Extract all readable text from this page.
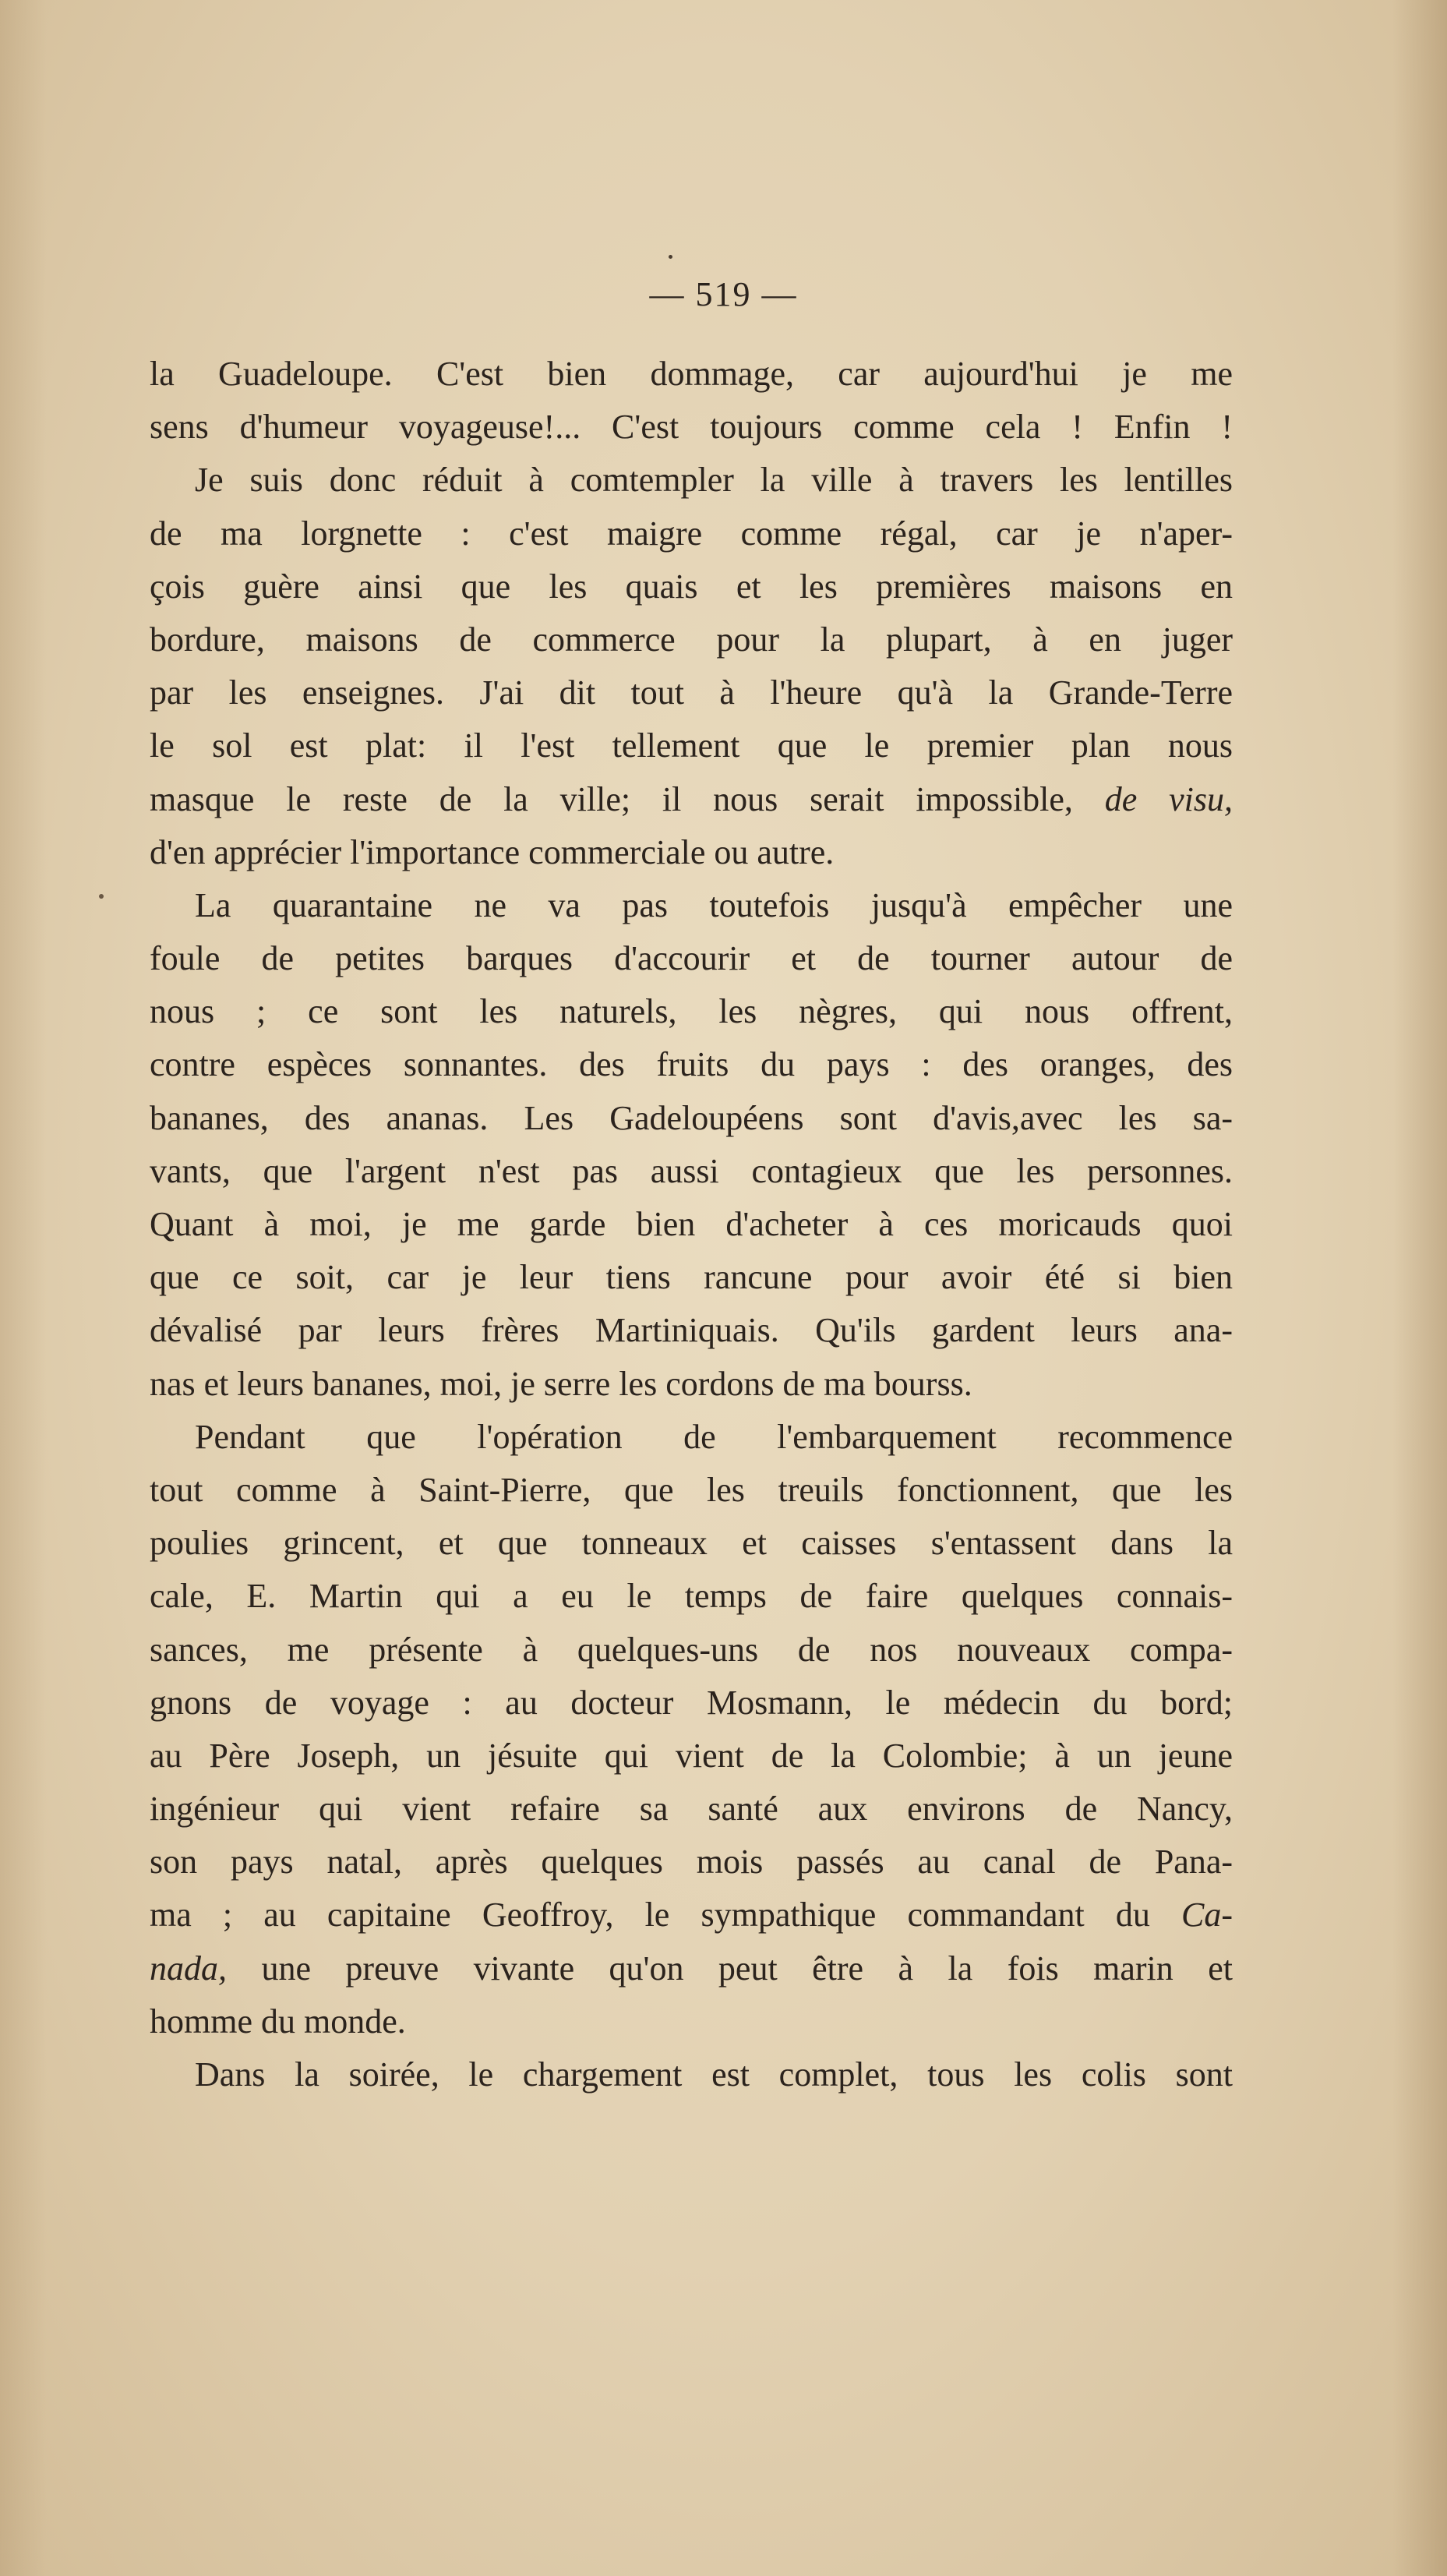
— 519 —
la Guadeloupe. C'est bien dommage, car aujourd'hui je me
sens d'humeur voyageuse!... C'est toujours comme cela ! Enfin !
Je suis donc réduit à comtempler la ville à travers les lentilles
de ma lorgnette : c'est maigre comme régal, car je n'aper-
çois guère ainsi que les quais et les premières maisons en
bordure, maisons de commerce pour la plupart, à en juger
par les enseignes. J'ai dit tout à l'heure qu'à la Grande-Terre
le sol est plat: il l'est tellement que le premier plan nous
masque le reste de la ville; il nous serait impossible, de visu,
d'en apprécier l'importance commerciale ou autre.
La quarantaine ne va pas toutefois jusqu'à empêcher une
foule de petites barques d'accourir et de tourner autour de
nous ; ce sont les naturels, les nègres, qui nous offrent,
contre espèces sonnantes. des fruits du pays : des oranges, des
bananes, des ananas. Les Gadeloupéens sont d'avis,avec les sa-
vants, que l'argent n'est pas aussi contagieux que les personnes.
Quant à moi, je me garde bien d'acheter à ces moricauds quoi
que ce soit, car je leur tiens rancune pour avoir été si bien
dévalisé par leurs frères Martiniquais. Qu'ils gardent leurs ana-
nas et leurs bananes, moi, je serre les cordons de ma bourss.
Pendant que l'opération de l'embarquement recommence
tout comme à Saint-Pierre, que les treuils fonctionnent, que les
poulies grincent, et que tonneaux et caisses s'entassent dans la
cale, E. Martin qui a eu le temps de faire quelques connais-
sances, me présente à quelques-uns de nos nouveaux compa-
gnons de voyage : au docteur Mosmann, le médecin du bord;
au Père Joseph, un jésuite qui vient de la Colombie; à un jeune
ingénieur qui vient refaire sa santé aux environs de Nancy,
son pays natal, après quelques mois passés au canal de Pana-
ma ; au capitaine Geoffroy, le sympathique commandant du Ca-
nada, une preuve vivante qu'on peut être à la fois marin et
homme du monde.
Dans la soirée, le chargement est complet, tous les colis sont
